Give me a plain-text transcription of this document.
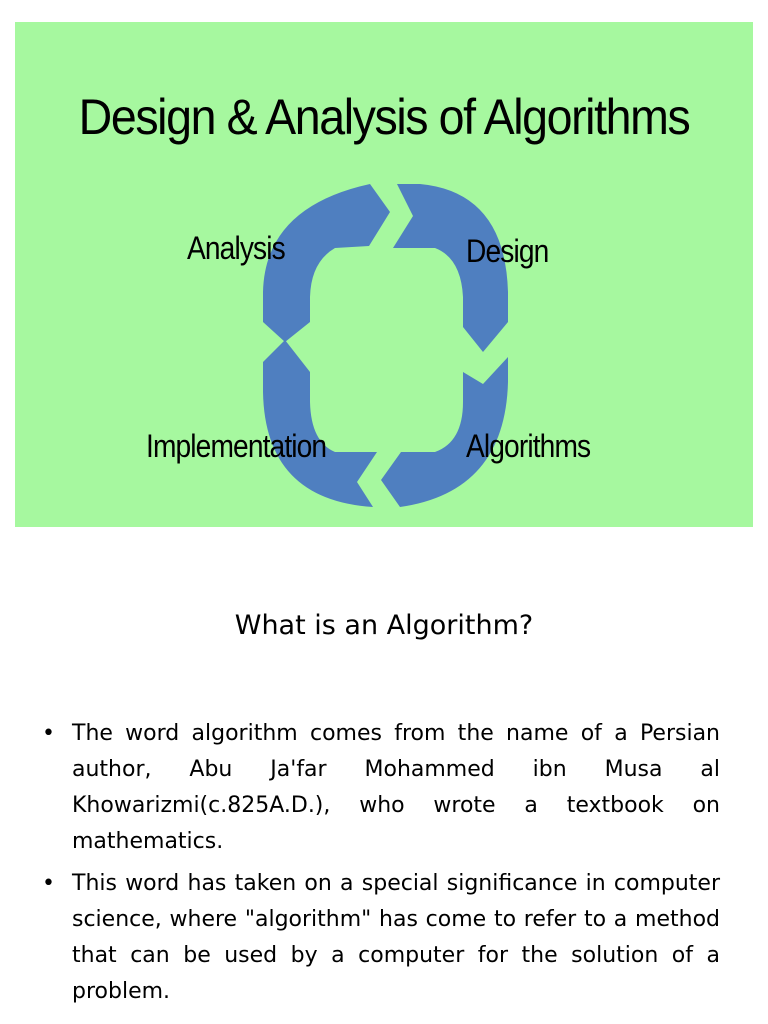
Design & Analysis of Algorithms
Analysis	Design
Implementation	Algorithms
What is an Algorithm?
• The word algorithm comes from the name of a Persian author, Abu Ja'far Mohammed ibn Musa al Khowarizmi(c.825A.D.), who wrote a textbook on mathematics.
• This word has taken on a special significance in computer science, where "algorithm" has come to refer to a method that can be used by a computer for the solution of a problem.
